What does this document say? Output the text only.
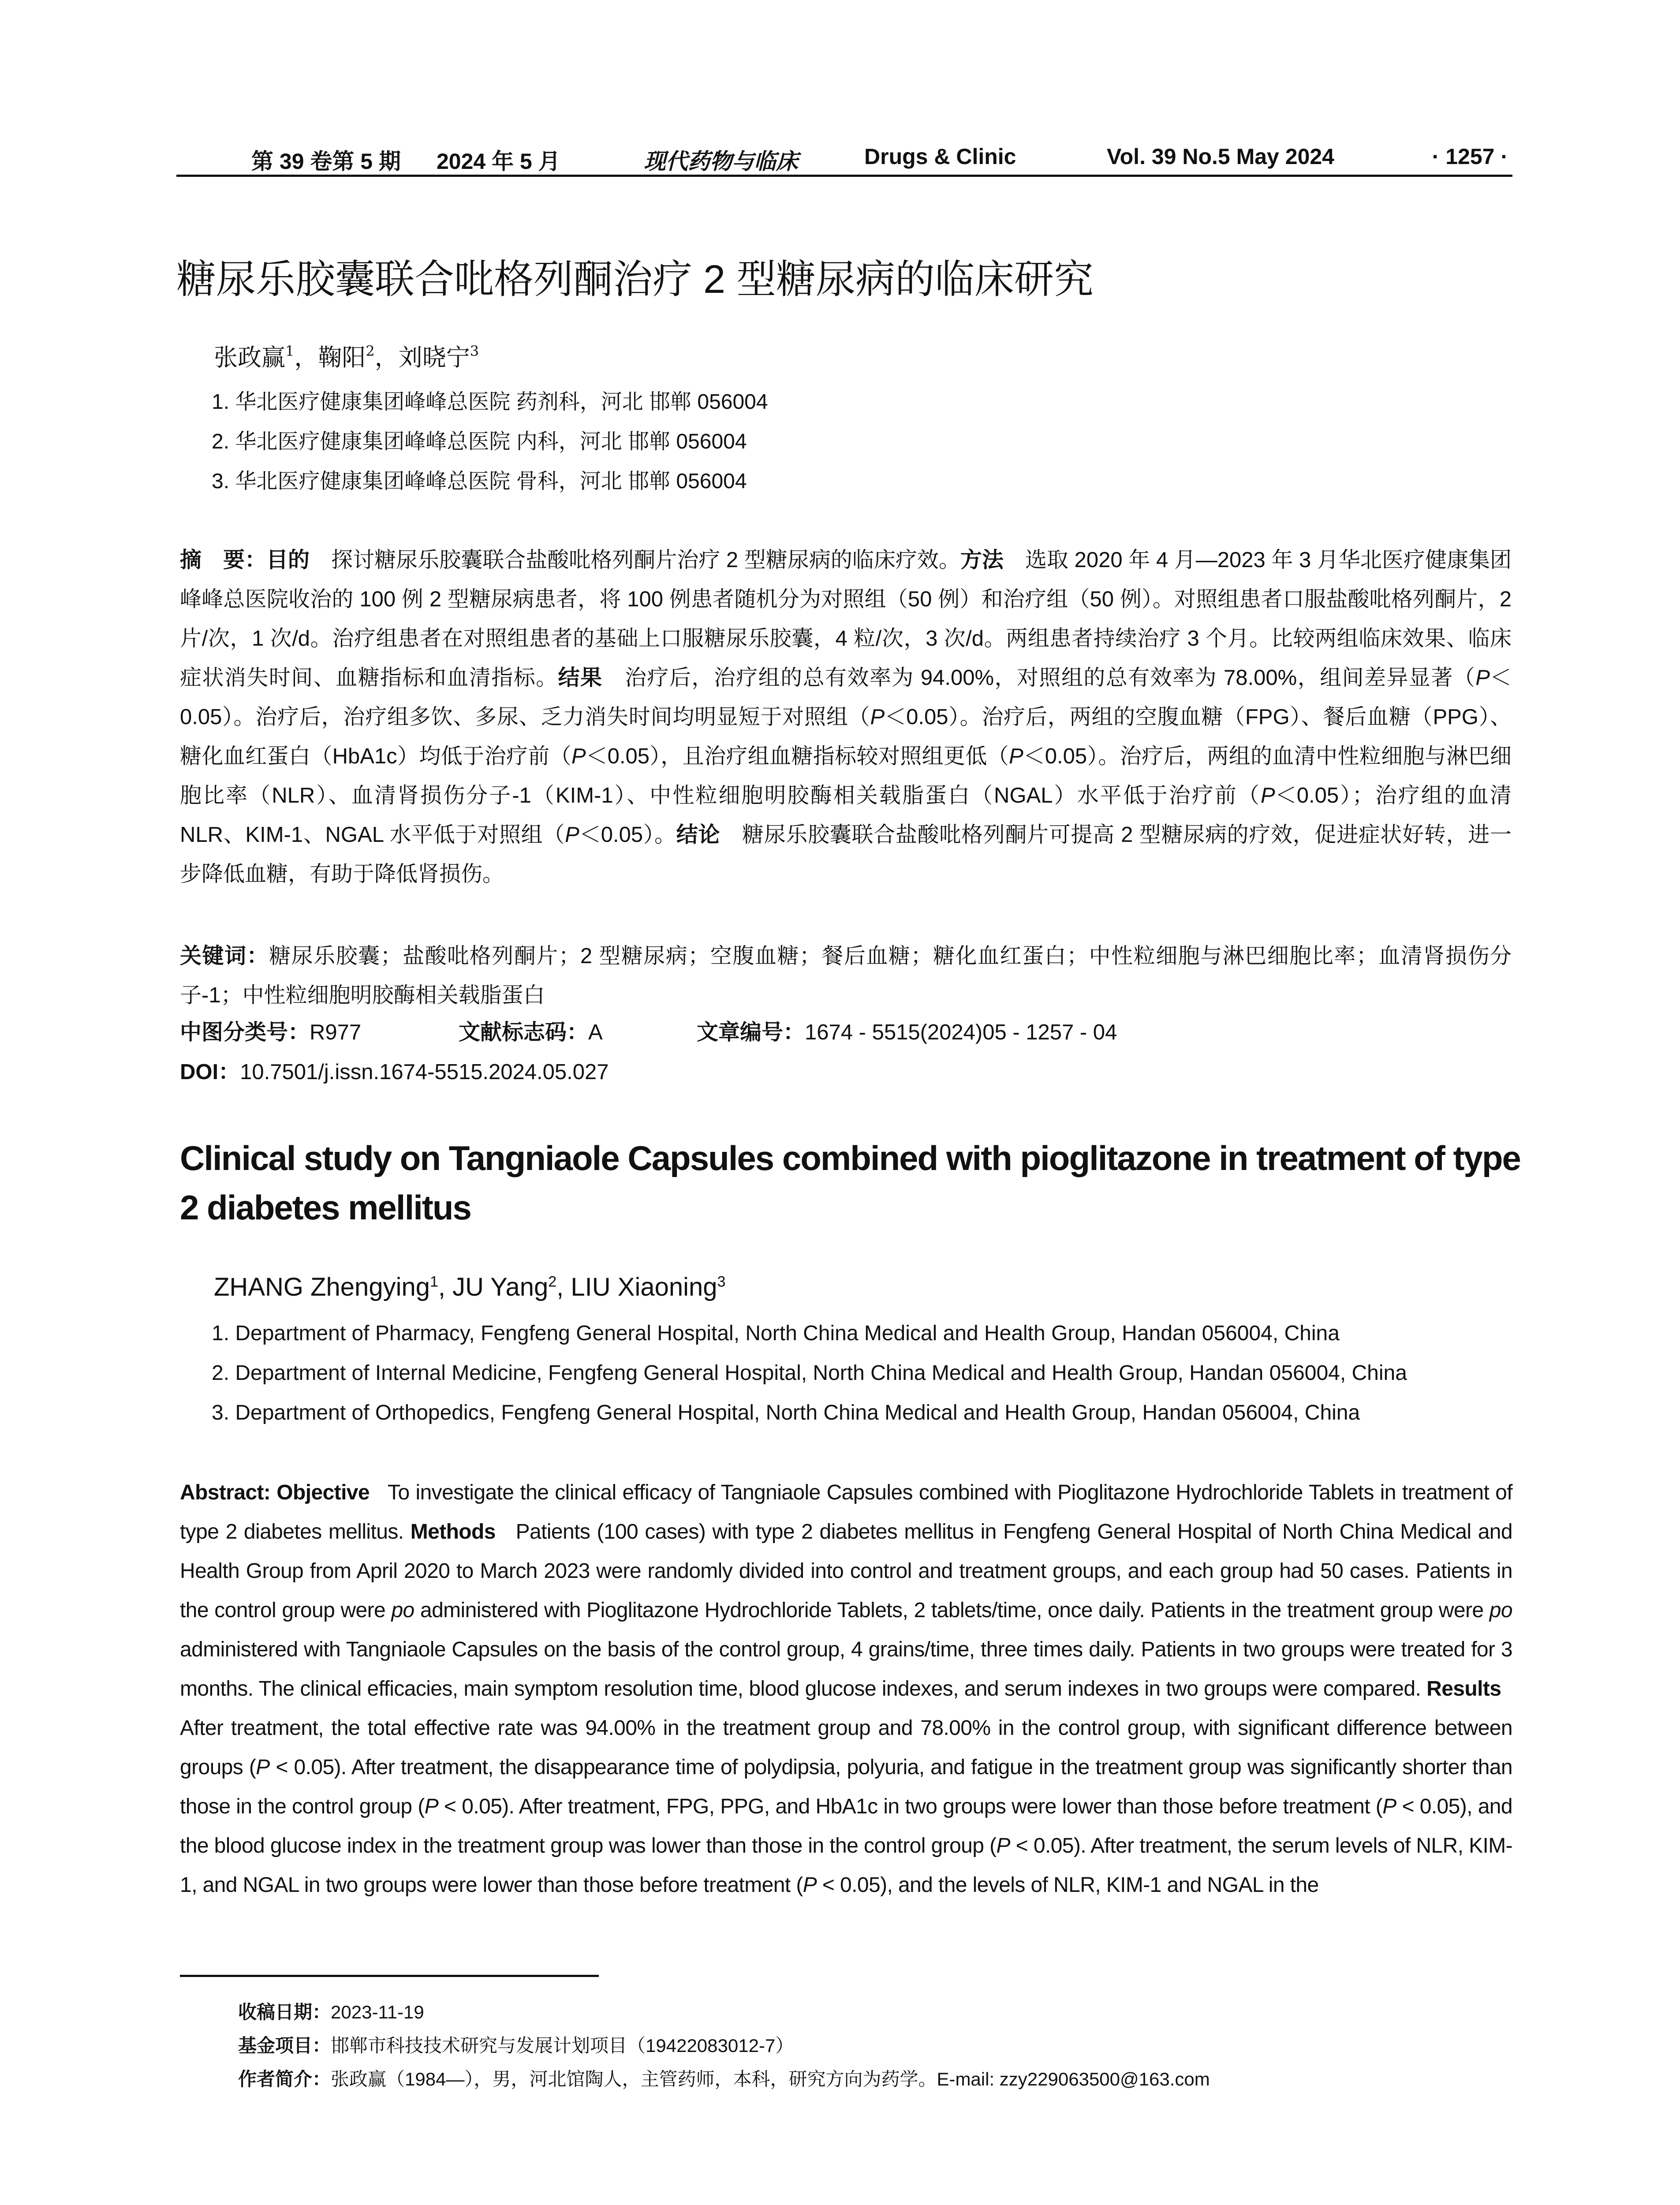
第 39 卷第 5 期 2024 年 5 月	现代药物与临床	Drugs & Clinic	Vol. 39 No.5 May 2024	· 1257 ·
糖尿乐胶囊联合吡格列酮治疗 2 型糖尿病的临床研究
张政赢$^1$，鞠阳$^2$，刘晓宁$^3$
1. 华北医疗健康集团峰峰总医院 药剂科，河北 邯郸 056004
2. 华北医疗健康集团峰峰总医院 内科，河北 邯郸 056004
3. 华北医疗健康集团峰峰总医院 骨科，河北 邯郸 056004
摘　要：目的　探讨糖尿乐胶囊联合盐酸吡格列酮片治疗 2 型糖尿病的临床疗效。方法　选取 2020 年 4 月—2023 年 3 月华北医疗健康集团峰峰总医院收治的 100 例 2 型糖尿病患者，将 100 例患者随机分为对照组（50 例）和治疗组（50 例）。对照组患者口服盐酸吡格列酮片，2 片/次，1 次/d。治疗组患者在对照组患者的基础上口服糖尿乐胶囊，4 粒/次，3 次/d。两组患者持续治疗 3 个月。比较两组临床效果、临床症状消失时间、血糖指标和血清指标。结果　治疗后，治疗组的总有效率为 94.00%，对照组的总有效率为 78.00%，组间差异显著（P＜0.05）。治疗后，治疗组多饮、多尿、乏力消失时间均明显短于对照组（P＜0.05）。治疗后，两组的空腹血糖（FPG）、餐后血糖（PPG）、糖化血红蛋白（HbA1c）均低于治疗前（P＜0.05），且治疗组血糖指标较对照组更低（P＜0.05）。治疗后，两组的血清中性粒细胞与淋巴细胞比率（NLR）、血清肾损伤分子-1（KIM-1）、中性粒细胞明胶酶相关载脂蛋白（NGAL）水平低于治疗前（P＜0.05）；治疗组的血清 NLR、KIM-1、NGAL 水平低于对照组（P＜0.05）。结论　糖尿乐胶囊联合盐酸吡格列酮片可提高 2 型糖尿病的疗效，促进症状好转，进一步降低血糖，有助于降低肾损伤。
关键词：糖尿乐胶囊；盐酸吡格列酮片；2 型糖尿病；空腹血糖；餐后血糖；糖化血红蛋白；中性粒细胞与淋巴细胞比率；血清肾损伤分子-1；中性粒细胞明胶酶相关载脂蛋白
中图分类号：R977	文献标志码：A	文章编号：1674 - 5515(2024)05 - 1257 - 04
DOI：10.7501/j.issn.1674-5515.2024.05.027
Clinical study on Tangniaole Capsules combined with pioglitazone in treatment of type 2 diabetes mellitus
ZHANG Zhengying$^1$, JU Yang$^2$, LIU Xiaoning$^3$
1. Department of Pharmacy, Fengfeng General Hospital, North China Medical and Health Group, Handan 056004, China
2. Department of Internal Medicine, Fengfeng General Hospital, North China Medical and Health Group, Handan 056004, China
3. Department of Orthopedics, Fengfeng General Hospital, North China Medical and Health Group, Handan 056004, China
Abstract: Objective To investigate the clinical efficacy of Tangniaole Capsules combined with Pioglitazone Hydrochloride Tablets in treatment of type 2 diabetes mellitus. Methods Patients (100 cases) with type 2 diabetes mellitus in Fengfeng General Hospital of North China Medical and Health Group from April 2020 to March 2023 were randomly divided into control and treatment groups, and each group had 50 cases. Patients in the control group were po administered with Pioglitazone Hydrochloride Tablets, 2 tablets/time, once daily. Patients in the treatment group were po administered with Tangniaole Capsules on the basis of the control group, 4 grains/time, three times daily. Patients in two groups were treated for 3 months. The clinical efficacies, main symptom resolution time, blood glucose indexes, and serum indexes in two groups were compared. Results   After treatment, the total effective rate was 94.00% in the treatment group and 78.00% in the control group, with significant difference between groups (P < 0.05). After treatment, the disappearance time of polydipsia, polyuria, and fatigue in the treatment group was significantly shorter than those in the control group (P < 0.05). After treatment, FPG, PPG, and HbA1c in two groups were lower than those before treatment (P < 0.05), and the blood glucose index in the treatment group was lower than those in the control group (P < 0.05). After treatment, the serum levels of NLR, KIM-1, and NGAL in two groups were lower than those before treatment (P < 0.05), and the levels of NLR, KIM-1 and NGAL in the
收稿日期：2023-11-19
基金项目：邯郸市科技技术研究与发展计划项目（19422083012-7）
作者简介：张政赢（1984—），男，河北馆陶人，主管药师，本科，研究方向为药学。E-mail: zzy229063500@163.com
